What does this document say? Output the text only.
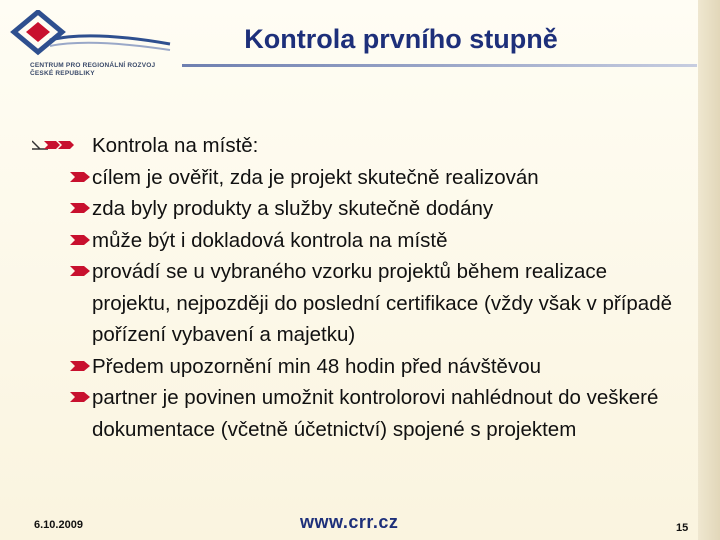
CENTRUM PRO REGIONÁLNÍ ROZVOJ
ČESKÉ REPUBLIKY
Kontrola prvního stupně
Kontrola na místě:
cílem je ověřit, zda je projekt skutečně realizován
zda byly produkty a služby skutečně dodány
může být i dokladová kontrola na místě
provádí se u vybraného vzorku projektů během realizace projektu, nejpozději do poslední certifikace (vždy však v případě pořízení vybavení a majetku)
Předem upozornění min 48 hodin před návštěvou
partner je povinen umožnit kontrolorovi nahlédnout do veškeré dokumentace (včetně účetnictví) spojené s projektem
6.10.2009	www.crr.cz	15
